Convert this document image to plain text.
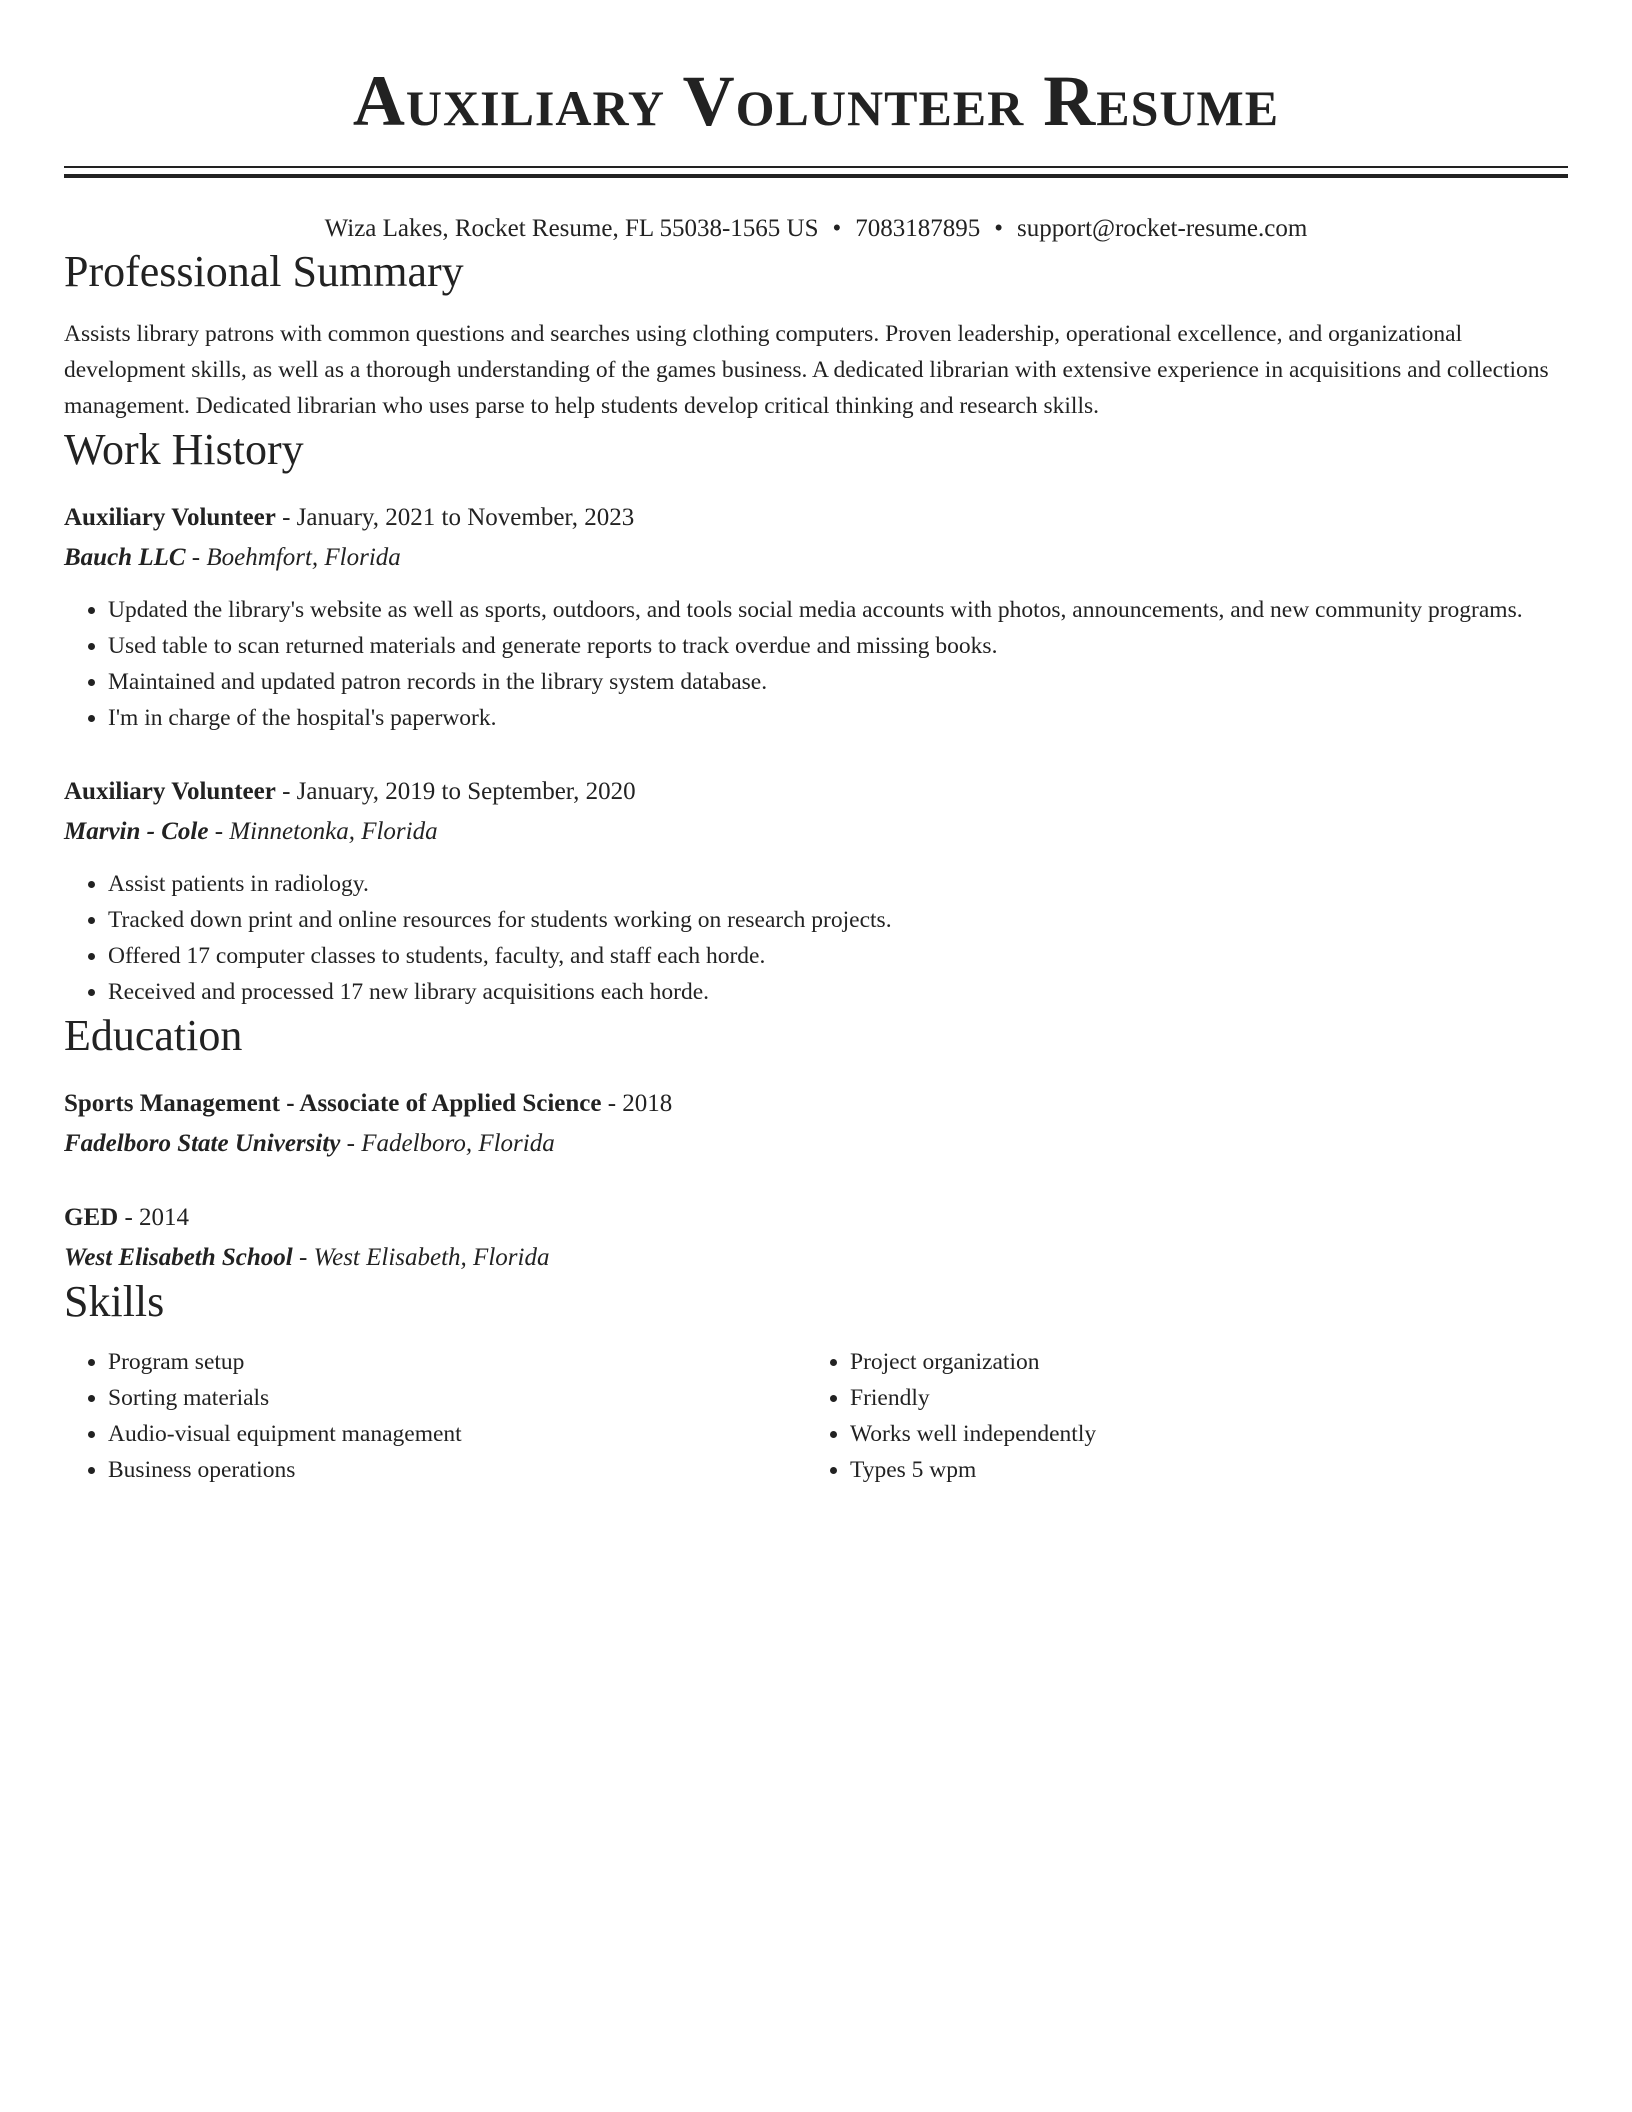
Auxiliary Volunteer Resume
Wiza Lakes, Rocket Resume, FL 55038-1565 US • 7083187895 • support@rocket-resume.com
Professional Summary

Assists library patrons with common questions and searches using clothing computers. Proven leadership, operational excellence, and organizational development skills, as well as a thorough understanding of the games business. A dedicated librarian with extensive experience in acquisitions and collections management. Dedicated librarian who uses parse to help students develop critical thinking and research skills.

Work History
Auxiliary Volunteer - January, 2021 to November, 2023
Bauch LLC - Boehmfort, Florida
• Updated the library's website as well as sports, outdoors, and tools social media accounts with photos, announcements, and new community programs.
• Used table to scan returned materials and generate reports to track overdue and missing books.
• Maintained and updated patron records in the library system database.
• I'm in charge of the hospital's paperwork.
Auxiliary Volunteer - January, 2019 to September, 2020
Marvin - Cole - Minnetonka, Florida
• Assist patients in radiology.
• Tracked down print and online resources for students working on research projects.
• Offered 17 computer classes to students, faculty, and staff each horde.
• Received and processed 17 new library acquisitions each horde.
Education
Sports Management - Associate of Applied Science - 2018
Fadelboro State University - Fadelboro, Florida
GED - 2014
West Elisabeth School - West Elisabeth, Florida
Skills
• Program setup
• Sorting materials
• Audio-visual equipment management
• Business operations
• Project organization
• Friendly
• Works well independently
• Types 5 wpm
